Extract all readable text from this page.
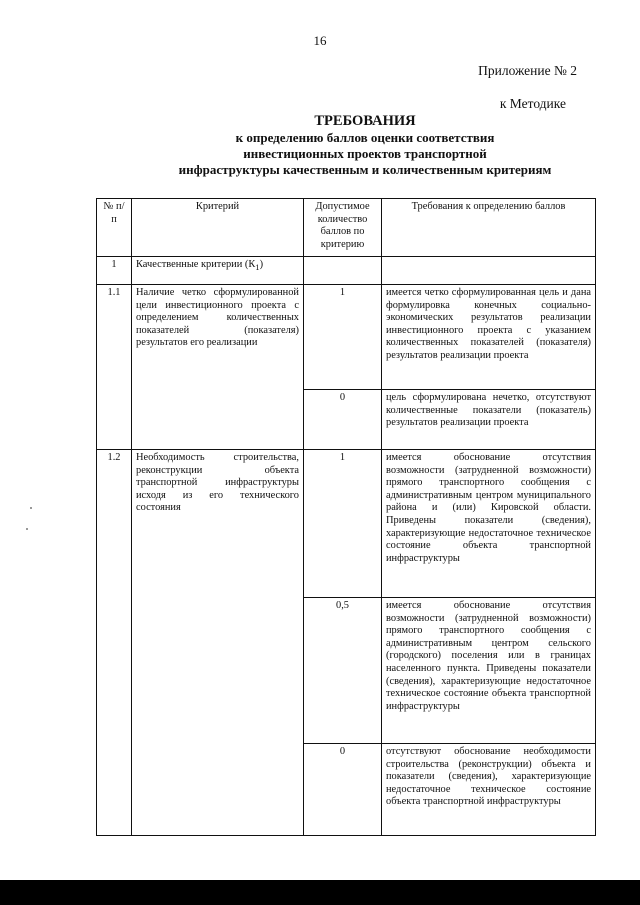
16
Приложение № 2
к Методике
ТРЕБОВАНИЯ
к определению баллов оценки соответствия
инвестиционных проектов транспортной
инфраструктуры качественным и количественным критериям
№ п/п	Критерий	Допустимое количество баллов по критерию	Требования к определению баллов
1	Качественные критерии $(К_1)$		
1.1	Наличие четко сформулированной цели инвестиционного проекта с определением количественных показателей (показателя) результатов его реализации	1	имеется четко сформулированная цель и дана формулировка конечных социально-экономических результатов реализации инвестиционного проекта с указанием количественных показателей (показателя) результатов реализации проекта
		0	цель сформулирована нечетко, отсутствуют количественные показатели (показатель) результатов реализации проекта
1.2	Необходимость строительства, реконструкции объекта транспортной инфраструктуры исходя из его технического состояния	1	имеется обоснование отсутствия возможности (затрудненной возможности) прямого транспортного сообщения с административным центром муниципального района и (или) Кировской области. Приведены показатели (сведения), характеризующие недостаточное техническое состояние объекта транспортной инфраструктуры
		0,5	имеется обоснование отсутствия возможности (затрудненной возможности) прямого транспортного сообщения с административным центром сельского (городского) поселения или в границах населенного пункта. Приведены показатели (сведения), характеризующие недостаточное техническое состояние объекта транспортной инфраструктуры
		0	отсутствуют обоснование необходимости строительства (реконструкции) объекта и показатели (сведения), характеризующие недостаточное техническое состояние объекта транспортной инфраструктуры
